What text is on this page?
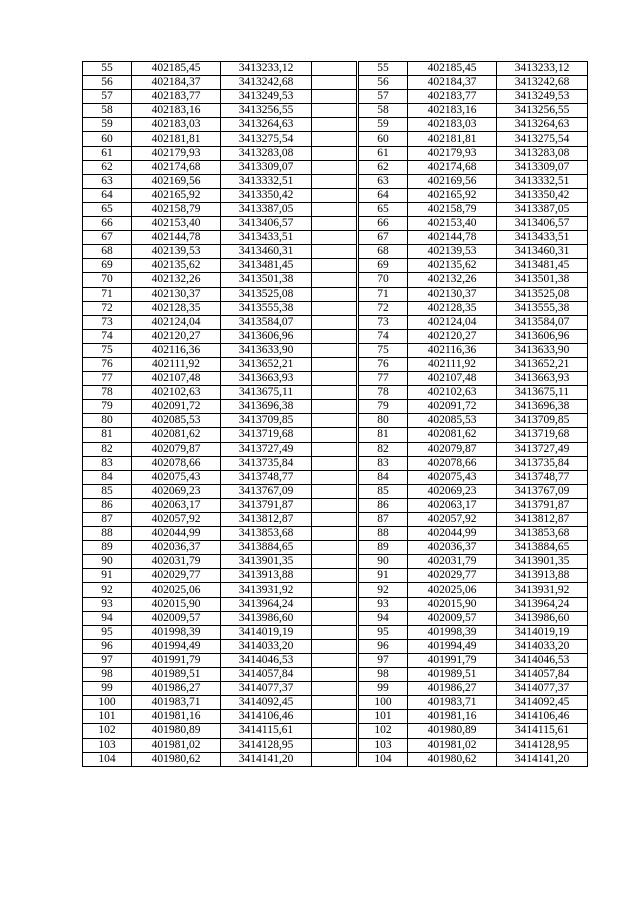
55	402185,45	3413233,12	
56	402184,37	3413242,68	
57	402183,77	3413249,53	
58	402183,16	3413256,55	
59	402183,03	3413264,63	
60	402181,81	3413275,54	
61	402179,93	3413283,08	
62	402174,68	3413309,07	
63	402169,56	3413332,51	
64	402165,92	3413350,42	
65	402158,79	3413387,05	
66	402153,40	3413406,57	
67	402144,78	3413433,51	
68	402139,53	3413460,31	
69	402135,62	3413481,45	
70	402132,26	3413501,38	
71	402130,37	3413525,08	
72	402128,35	3413555,38	
73	402124,04	3413584,07	
74	402120,27	3413606,96	
75	402116,36	3413633,90	
76	402111,92	3413652,21	
77	402107,48	3413663,93	
78	402102,63	3413675,11	
79	402091,72	3413696,38	
80	402085,53	3413709,85	
81	402081,62	3413719,68	
82	402079,87	3413727,49	
83	402078,66	3413735,84	
84	402075,43	3413748,77	
85	402069,23	3413767,09	
86	402063,17	3413791,87	
87	402057,92	3413812,87	
88	402044,99	3413853,68	
89	402036,37	3413884,65	
90	402031,79	3413901,35	
91	402029,77	3413913,88	
92	402025,06	3413931,92	
93	402015,90	3413964,24	
94	402009,57	3413986,60	
95	401998,39	3414019,19	
96	401994,49	3414033,20	
97	401991,79	3414046,53	
98	401989,51	3414057,84	
99	401986,27	3414077,37	
100	401983,71	3414092,45	
101	401981,16	3414106,46	
102	401980,89	3414115,61	
103	401981,02	3414128,95	
104	401980,62	3414141,20	
55	402185,45	3413233,12
56	402184,37	3413242,68
57	402183,77	3413249,53
58	402183,16	3413256,55
59	402183,03	3413264,63
60	402181,81	3413275,54
61	402179,93	3413283,08
62	402174,68	3413309,07
63	402169,56	3413332,51
64	402165,92	3413350,42
65	402158,79	3413387,05
66	402153,40	3413406,57
67	402144,78	3413433,51
68	402139,53	3413460,31
69	402135,62	3413481,45
70	402132,26	3413501,38
71	402130,37	3413525,08
72	402128,35	3413555,38
73	402124,04	3413584,07
74	402120,27	3413606,96
75	402116,36	3413633,90
76	402111,92	3413652,21
77	402107,48	3413663,93
78	402102,63	3413675,11
79	402091,72	3413696,38
80	402085,53	3413709,85
81	402081,62	3413719,68
82	402079,87	3413727,49
83	402078,66	3413735,84
84	402075,43	3413748,77
85	402069,23	3413767,09
86	402063,17	3413791,87
87	402057,92	3413812,87
88	402044,99	3413853,68
89	402036,37	3413884,65
90	402031,79	3413901,35
91	402029,77	3413913,88
92	402025,06	3413931,92
93	402015,90	3413964,24
94	402009,57	3413986,60
95	401998,39	3414019,19
96	401994,49	3414033,20
97	401991,79	3414046,53
98	401989,51	3414057,84
99	401986,27	3414077,37
100	401983,71	3414092,45
101	401981,16	3414106,46
102	401980,89	3414115,61
103	401981,02	3414128,95
104	401980,62	3414141,20
